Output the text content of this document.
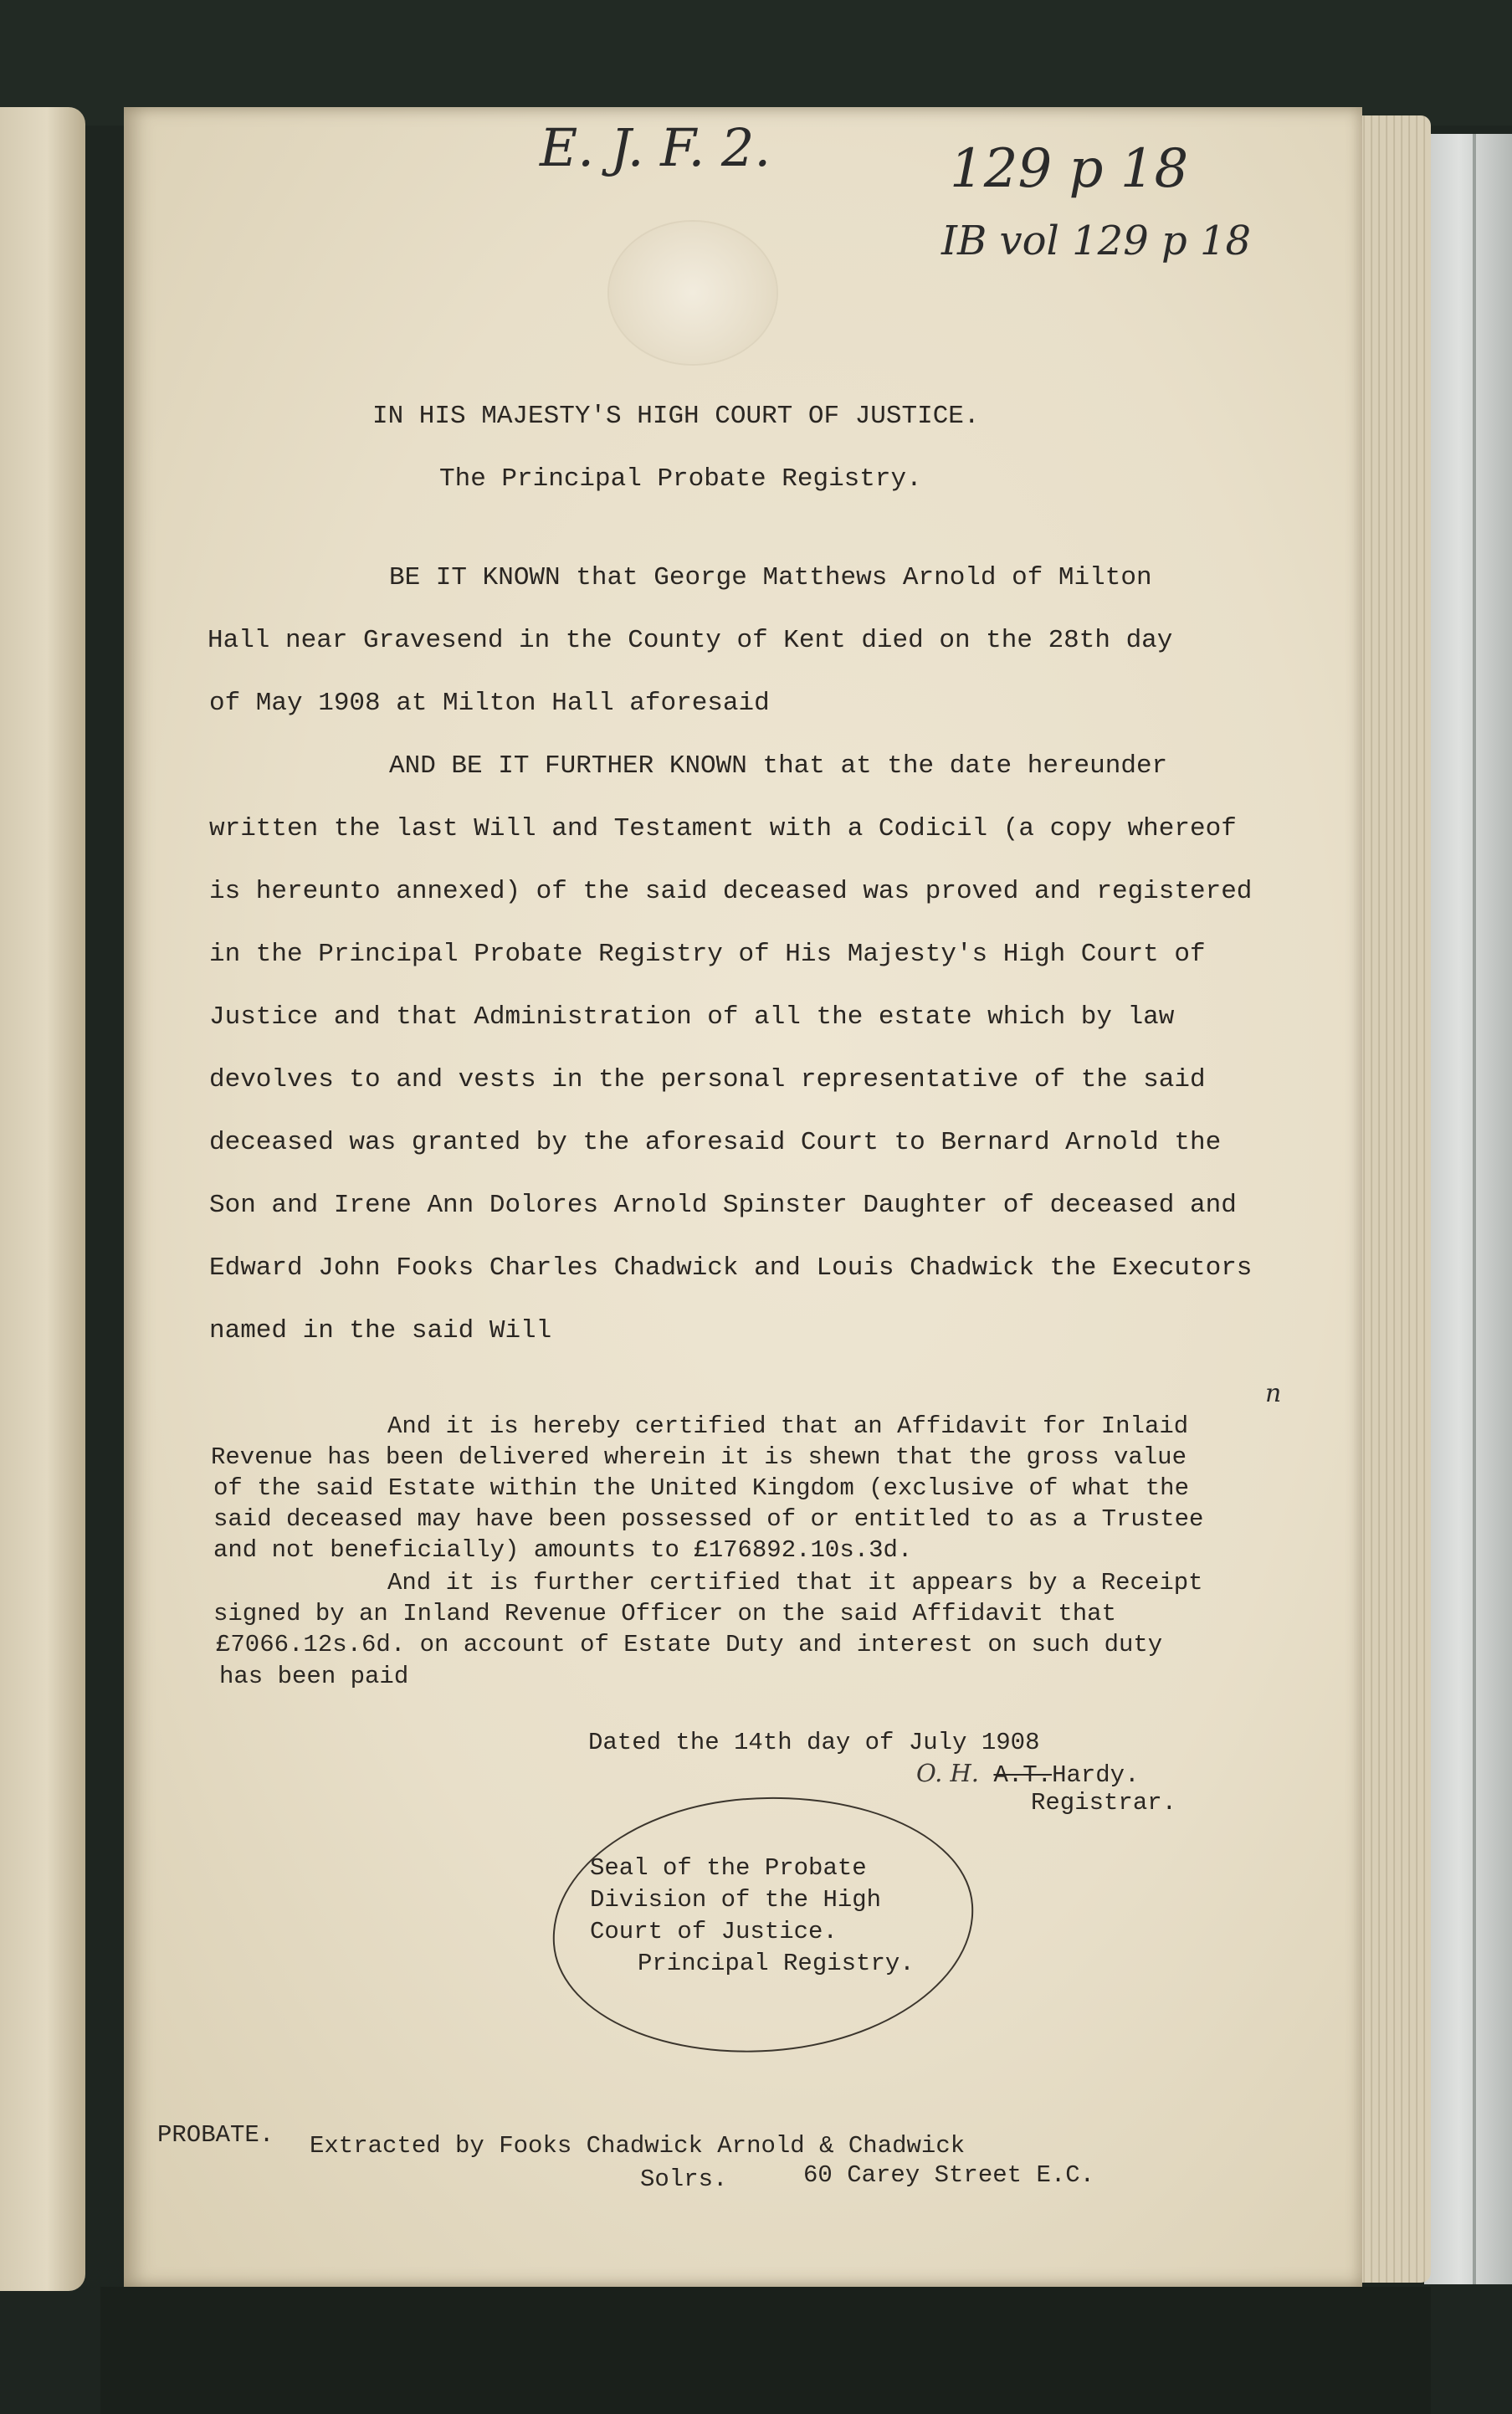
E. J. F. 2.	129 p 18
IB vol 129 p 18
IN HIS MAJESTY'S HIGH COURT OF JUSTICE.
The Principal Probate Registry.
BE IT KNOWN that George Matthews Arnold of Milton
Hall near Gravesend in the County of Kent died on the 28th day
of May 1908 at Milton Hall aforesaid
AND BE IT FURTHER KNOWN that at the date hereunder
written the last Will and Testament with a Codicil (a copy whereof
is hereunto annexed) of the said deceased was proved and registered
in the Principal Probate Registry of His Majesty's High Court of
Justice and that Administration of all the estate which by law
devolves to and vests in the personal representative of the said
deceased was granted by the aforesaid Court to Bernard Arnold the
Son and Irene Ann Dolores Arnold Spinster Daughter of deceased and
Edward John Fooks Charles Chadwick and Louis Chadwick the Executors
named in the said Will
n
And it is hereby certified that an Affidavit for Inlaid
Revenue has been delivered wherein it is shewn that the gross value
of the said Estate within the United Kingdom (exclusive of what the
said deceased may have been possessed of or entitled to as a Trustee
and not beneficially) amounts to £176892.10s.3d.
And it is further certified that it appears by a Receipt
signed by an Inland Revenue Officer on the said Affidavit that
£7066.12s.6d. on account of Estate Duty and interest on such duty
has been paid
Dated the 14th day of July 1908
O. H. A.T.Hardy.
Registrar.
Seal of the Probate
Division of the High
Court of Justice.
Principal Registry.
PROBATE. Extracted by Fooks Chadwick Arnold & Chadwick
Solrs.	60 Carey Street E.C.
